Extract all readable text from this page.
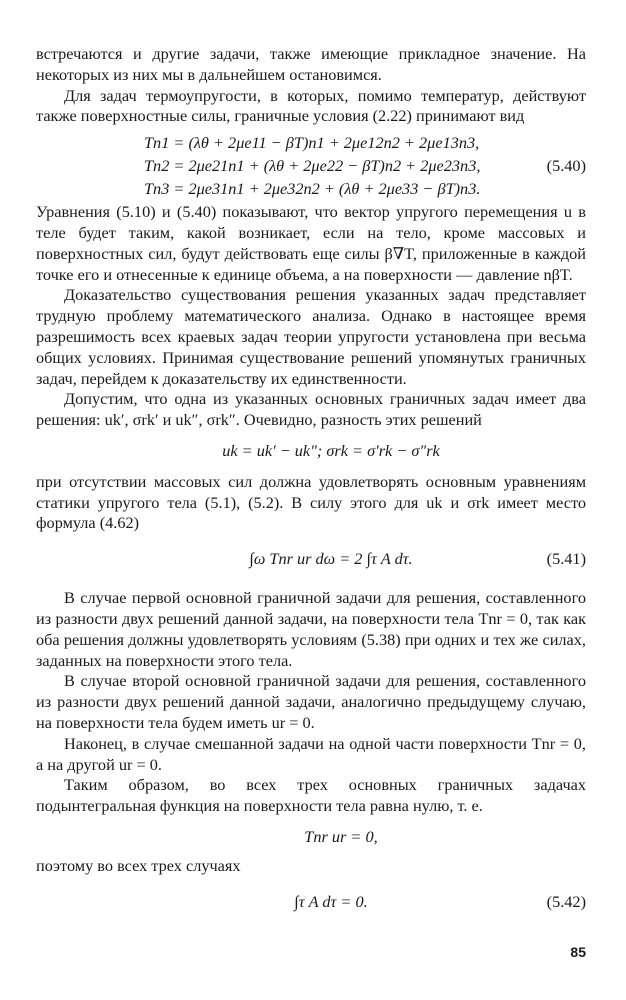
встречаются и другие задачи, также имеющие прикладное значение. На некоторых из них мы в дальнейшем остановимся.

Для задач термоупругости, в которых, помимо температур, действуют также поверхностные силы, граничные условия (2.22) принимают вид

Tn1 = (λθ + 2μe11 − βT)n1 + 2μe12n2 + 2μe13n3,
Tn2 = 2μe21n1 + (λθ + 2μe22 − βT)n2 + 2μe23n3,
Tn3 = 2μe31n1 + 2μe32n2 + (λθ + 2μe33 − βT)n3.
(5.40)

Уравнения (5.10) и (5.40) показывают, что вектор упругого перемещения u в теле будет таким, какой возникает, если на тело, кроме массовых и поверхностных сил, будут действовать еще силы β∇T, приложенные в каждой точке его и отнесенные к единице объема, а на поверхности — давление nβT.

Доказательство существования решения указанных задач представляет трудную проблему математического анализа. Однако в настоящее время разрешимость всех краевых задач теории упругости установлена при весьма общих условиях. Принимая существование решений упомянутых граничных задач, перейдем к доказательству их единственности.

Допустим, что одна из указанных основных граничных задач имеет два решения: uk′, σrk′ и uk″, σrk″. Очевидно, разность этих решений

uk = uk′ − uk″; σrk = σ′rk − σ″rk

при отсутствии массовых сил должна удовлетворять основным уравнениям статики упругого тела (5.1), (5.2). В силу этого для uk и σrk имеет место формула (4.62)

∫ω Tnr ur dω = 2 ∫τ A dτ.	(5.41)

В случае первой основной граничной задачи для решения, составленного из разности двух решений данной задачи, на поверхности тела Tnr = 0, так как оба решения должны удовлетворять условиям (5.38) при одних и тех же силах, заданных на поверхности этого тела.

В случае второй основной граничной задачи для решения, составленного из разности двух решений данной задачи, аналогично предыдущему случаю, на поверхности тела будем иметь ur = 0.

Наконец, в случае смешанной задачи на одной части поверхности Tnr = 0, а на другой ur = 0.

Таким образом, во всех трех основных граничных задачах подынтегральная функция на поверхности тела равна нулю, т. е.

Tnr ur = 0,

поэтому во всех трех случаях

∫τ A dτ = 0.	(5.42)
85
